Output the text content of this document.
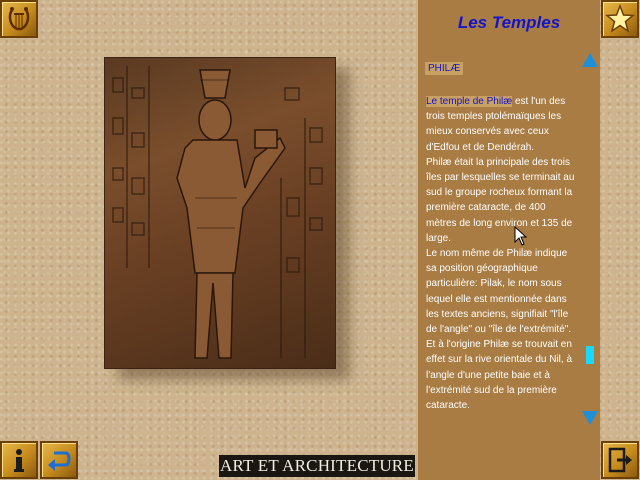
Les Temples
PHILÆ
Le temple de Philæ est l'un des trois temples ptolémaïques les mieux conservés avec ceux d'Edfou et de Dendérah.
Philæ était la principale des trois îles par lesquelles se terminait au sud le groupe rocheux formant la première cataracte, de 400 mètres de long environ et 135 de large.
Le nom même de Philæ indique sa position géographique particulière: Pilak, le nom sous lequel elle est mentionnée dans les textes anciens, signifiait "l'île de l'angle" ou "île de l'extrémité".
Et à l'origine Philæ se trouvait en effet sur la rive orientale du Nil, à l'angle d'une petite baie et à l'extrémité sud de la première cataracte.
ART ET ARCHITECTURE
